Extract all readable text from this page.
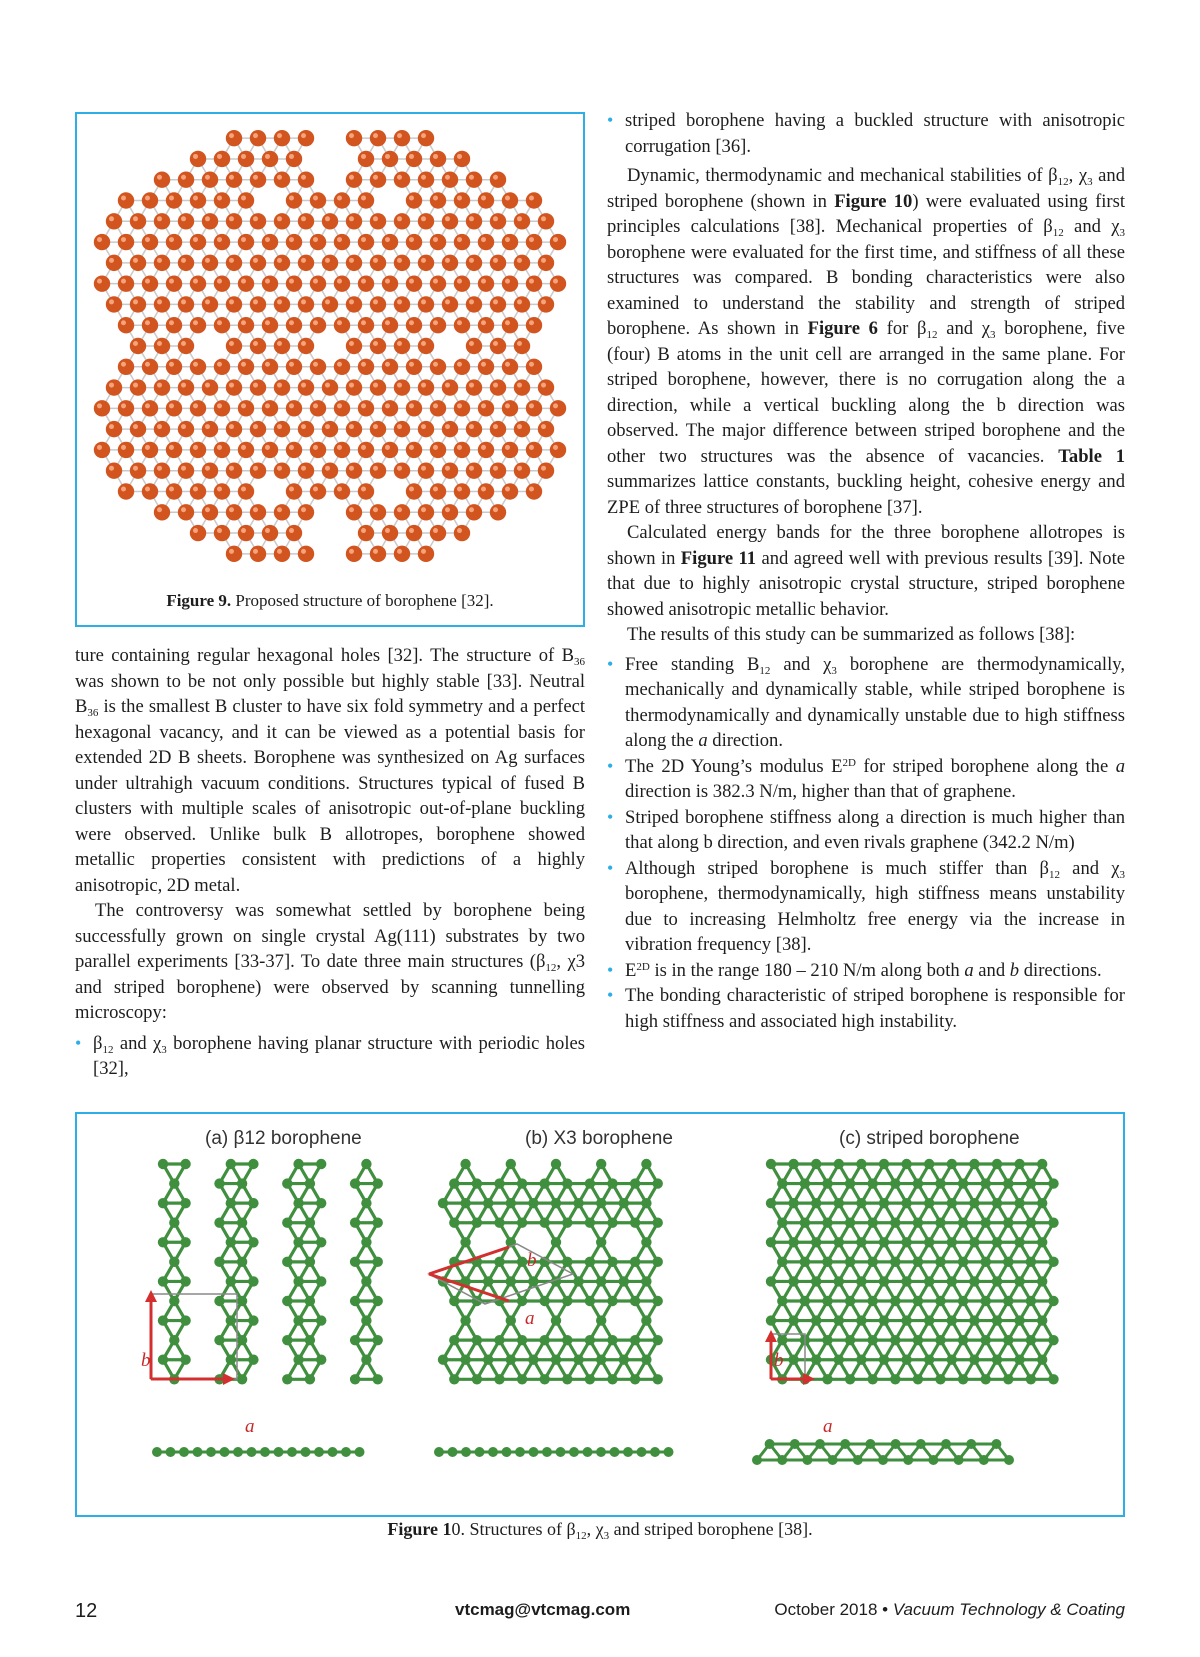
Figure 9. Proposed structure of borophene [32].

ture containing regular hexagonal holes [32]. The structure of $B_{36}$ was shown to be not only possible but highly stable [33]. Neutral $B_{36}$ is the smallest B cluster to have six fold symmetry and a perfect hexagonal vacancy, and it can be viewed as a potential basis for extended 2D B sheets. Borophene was synthesized on Ag surfaces under ultrahigh vacuum conditions. Structures typical of fused B clusters with multiple scales of anisotropic out-of-plane buckling were observed. Unlike bulk B allotropes, borophene showed metallic properties consistent with predictions of a highly anisotropic, 2D metal.

The controversy was somewhat settled by borophene being successfully grown on single crystal Ag(111) substrates by two parallel experiments [33-37]. To date three main structures ($\beta_{12}$, χ3 and striped borophene) were observed by scanning tunnelling microscopy:

• $\beta_{12}$ and $\chi_3$ borophene having planar structure with periodic holes [32],
• striped borophene having a buckled structure with anisotropic corrugation [36].

Dynamic, thermodynamic and mechanical stabilities of $\beta_{12}$, $\chi_3$ and striped borophene (shown in Figure 10) were evaluated using first principles calculations [38]. Mechanical properties of $\beta_{12}$ and $\chi_3$ borophene were evaluated for the first time, and stiffness of all these structures was compared. B bonding characteristics were also examined to understand the stability and strength of striped borophene. As shown in Figure 6 for $\beta_{12}$ and $\chi_3$ borophene, five (four) B atoms in the unit cell are arranged in the same plane. For striped borophene, however, there is no corrugation along the a direction, while a vertical buckling along the b direction was observed. The major difference between striped borophene and the other two structures was the absence of vacancies. Table 1 summarizes lattice constants, buckling height, cohesive energy and ZPE of three structures of borophene [37].

Calculated energy bands for the three borophene allotropes is shown in Figure 11 and agreed well with previous results [39]. Note that due to highly anisotropic crystal structure, striped borophene showed anisotropic metallic behavior.

The results of this study can be summarized as follows [38]:

• Free standing $B_{12}$ and $\chi_3$ borophene are thermodynamically, mechanically and dynamically stable, while striped borophene is thermodynamically and dynamically unstable due to high stiffness along the a direction.
• The 2D Young’s modulus $E^{2D}$ for striped borophene along the a direction is 382.3 N/m, higher than that of graphene.
• Striped borophene stiffness along a direction is much higher than that along b direction, and even rivals graphene (342.2 N/m)
• Although striped borophene is much stiffer than $\beta_{12}$ and $\chi_3$ borophene, thermodynamically, high stiffness means unstability due to increasing Helmholtz free energy via the increase in vibration frequency [38].
• $E^{2D}$ is in the range 180 – 210 N/m along both a and b directions.
• The bonding characteristic of striped borophene is responsible for high stiffness and associated high instability.
(a) β12 borophene	(b) X3 borophene	(c) striped borophene
b
a
b
a
b
a
Figure 10. Structures of $\beta_{12}$, $\chi_3$ and striped borophene [38].
12	vtcmag@vtcmag.com	October 2018 • Vacuum Technology & Coating
